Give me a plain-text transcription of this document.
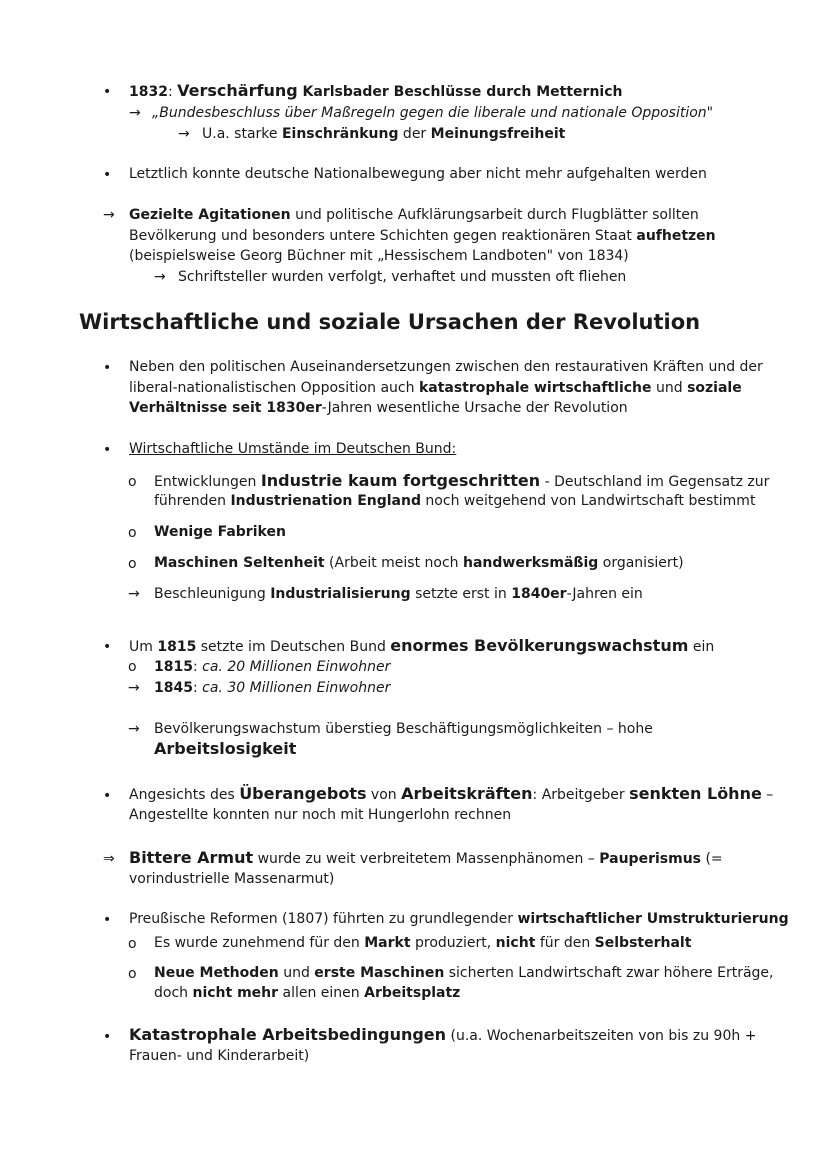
• 1832: Verschärfung Karlsbader Beschlüsse durch Metternich
→ „Bundesbeschluss über Maßregeln gegen die liberale und nationale Opposition"
→ U.a. starke Einschränkung der Meinungsfreiheit
• Letztlich konnte deutsche Nationalbewegung aber nicht mehr aufgehalten werden
→ Gezielte Agitationen und politische Aufklärungsarbeit durch Flugblätter sollten
Bevölkerung und besonders untere Schichten gegen reaktionären Staat aufhetzen
(beispielsweise Georg Büchner mit „Hessischem Landboten" von 1834)
→ Schriftsteller wurden verfolgt, verhaftet und mussten oft fliehen
Wirtschaftliche und soziale Ursachen der Revolution
• Neben den politischen Auseinandersetzungen zwischen den restaurativen Kräften und der
liberal-nationalistischen Opposition auch katastrophale wirtschaftliche und soziale
Verhältnisse seit 1830er-Jahren wesentliche Ursache der Revolution
• Wirtschaftliche Umstände im Deutschen Bund:
o Entwicklungen Industrie kaum fortgeschritten - Deutschland im Gegensatz zur
führenden Industrienation England noch weitgehend von Landwirtschaft bestimmt
o Wenige Fabriken
o Maschinen Seltenheit (Arbeit meist noch handwerksmäßig organisiert)
→ Beschleunigung Industrialisierung setzte erst in 1840er-Jahren ein
• Um 1815 setzte im Deutschen Bund enormes Bevölkerungswachstum ein
o 1815: ca. 20 Millionen Einwohner
→ 1845: ca. 30 Millionen Einwohner
→ Bevölkerungswachstum überstieg Beschäftigungsmöglichkeiten – hohe
Arbeitslosigkeit
• Angesichts des Überangebots von Arbeitskräften: Arbeitgeber senkten Löhne –
Angestellte konnten nur noch mit Hungerlohn rechnen
⇒ Bittere Armut wurde zu weit verbreitetem Massenphänomen – Pauperismus (=
vorindustrielle Massenarmut)
• Preußische Reformen (1807) führten zu grundlegender wirtschaftlicher Umstrukturierung
o Es wurde zunehmend für den Markt produziert, nicht für den Selbsterhalt
o Neue Methoden und erste Maschinen sicherten Landwirtschaft zwar höhere Erträge,
doch nicht mehr allen einen Arbeitsplatz
• Katastrophale Arbeitsbedingungen (u.a. Wochenarbeitszeiten von bis zu 90h +
Frauen- und Kinderarbeit)
